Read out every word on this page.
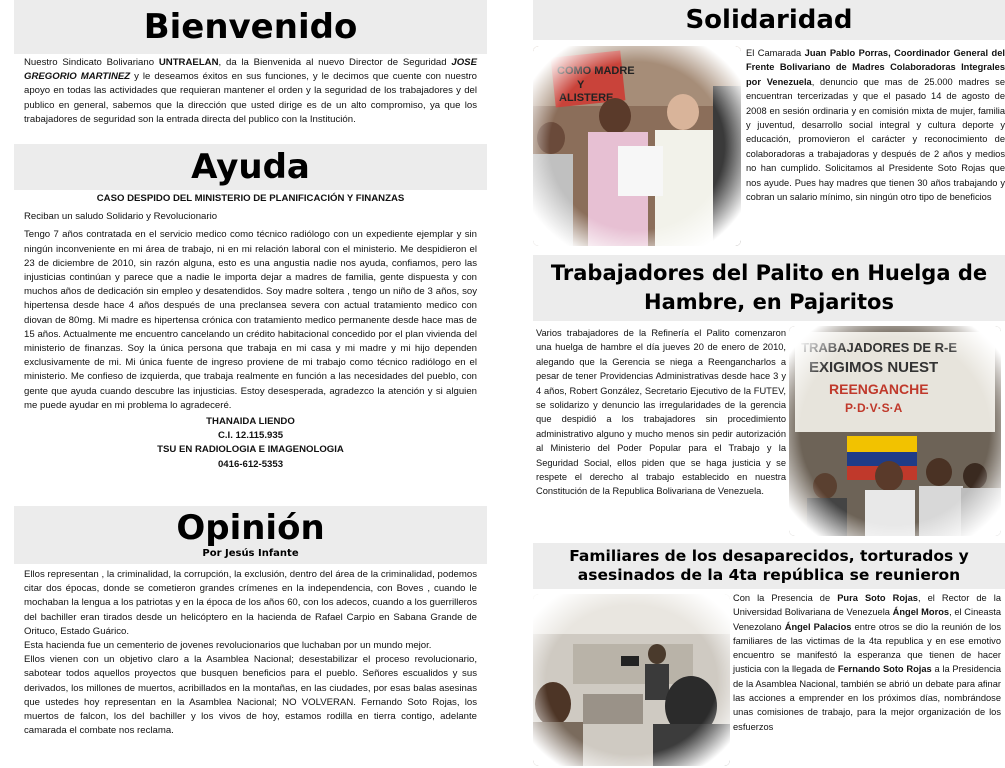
Bienvenido
Nuestro Sindicato Bolivariano UNTRAELAN, da la Bienvenida al nuevo Director de Seguridad JOSE GREGORIO MARTINEZ y le deseamos éxitos en sus funciones, y le decimos que cuente con nuestro apoyo en todas las actividades que requieran mantener el orden y la seguridad de los trabajadores y del publico en general, sabemos que la dirección que usted dirige es de un alto compromiso, ya que los trabajadores de seguridad son la entrada directa del publico con la Institución.
Ayuda

CASO DESPIDO DEL MINISTERIO DE PLANIFICACIÓN Y FINANZAS

Reciban un saludo Solidario y Revolucionario

Tengo 7 años contratada en el servicio medico como técnico radiólogo con un expediente ejemplar y sin ningún inconveniente en mi área de trabajo, ni en mi relación laboral con el ministerio. Me despidieron el 23 de diciembre de 2010, sin razón alguna, esto es una angustia nadie nos ayuda, confiamos, pero las injusticias continúan y parece que a nadie le importa dejar a madres de familia, gente dispuesta y con muchos años de dedicación sin empleo y desatendidos. Soy madre soltera , tengo un niño de 3 años, soy hipertensa desde hace 4 años después de una preclansea severa con actual tratamiento medico con diovan de 80mg. Mi madre es hipertensa crónica con tratamiento medico permanente desde hace mas de 15 años. Actualmente me encuentro cancelando un crédito habitacional concedido por el plan vivienda del ministerio de finanzas. Soy la única persona que trabaja en mi casa y mi madre y mi hijo dependen exclusivamente de mi. Mi única fuente de ingreso proviene de mi trabajo como técnico radiólogo en el ministerio. Me confieso de izquierda, que trabaja realmente en función a las necesidades del pueblo, con gente que ayuda cuando descubre las injusticias. Estoy desesperada, agradezco la atención y si alguien me puede ayudar en mi problema lo agradeceré.

THANAIDA LIENDO

C.I. 12.115.935

TSU EN RADIOLOGIA E IMAGENOLOGIA

0416-612-5353

Opinión
Por Jesús Infante

Ellos representan , la criminalidad, la corrupción, la exclusión, dentro del área de la criminalidad, podemos citar dos épocas, donde se cometieron grandes crímenes en la independencia, con Boves , cuando le mochaban la lengua a los patriotas y en la época de los años 60, con los adecos, cuando a los guerrilleros del bachiller eran tirados desde un helicóptero en la hacienda de Rafael Carpio en Sabana Grande de Orituco, Estado Guárico.

Esta hacienda fue un cementerio de jovenes revolucionarios que luchaban por un mundo mejor.

Ellos vienen con un objetivo claro a la Asamblea Nacional; desestabilizar el proceso revolucionario, sabotear todos aquellos proyectos que busquen beneficios para el pueblo. Señores escualidos y sus derivados, los millones de muertos, acribillados en la montañas, en las ciudades, por esas balas asesinas que ustedes hoy representan en la Asamblea Nacional; NO VOLVERAN. Fernando Soto Rojas, los muertos de falcon, los del bachiller y los vivos de hoy, estamos rodilla en tierra contigo, adelante camarada el combate nos reclama.

Solidaridad
El Camarada Juan Pablo Porras, Coordinador General del Frente Bolivariano de Madres Colaboradoras Integrales por Venezuela, denuncio que mas de 25.000 madres se encuentran tercerizadas y que el pasado 14 de agosto de 2008 en sesión ordinaria y en comisión mixta de mujer, familia y juventud, desarrollo social integral y cultura deporte y educación, promovieron el carácter y reconocimiento de colaboradoras a trabajadoras y después de 2 años y medios no han cumplido. Solicitamos al Presidente Soto Rojas que nos ayude. Pues hay madres que tienen 30 años trabajando y cobran un salario mínimo, sin ningún otro tipo de beneficios
Trabajadores del Palito en Huelga de Hambre, en Pajaritos
Varios trabajadores de la Refinería el Palito comenzaron una huelga de hambre el día jueves 20 de enero de 2010, alegando que la Gerencia se niega a Reengancharlos a pesar de tener Providencias Administrativas desde hace 3 y 4 años, Robert González, Secretario Ejecutivo de la FUTEV, se solidarizo y denuncio las irregularidades de la gerencia que despidió a los trabajadores sin procedimiento administrativo alguno y mucho menos sin pedir autorización al Ministerio del Poder Popular para el Trabajo y la Seguridad Social, ellos piden que se haga justicia y se respete el derecho al trabajo establecido en nuestra Constitución de la Republica Bolivariana de Venezuela.
Familiares de los desaparecidos, torturados y asesinados de la 4ta república se reunieron
Con la Presencia de Pura Soto Rojas, el Rector de la Universidad Bolivariana de Venezuela Ángel Moros, el Cineasta Venezolano Ángel Palacios entre otros se dio la reunión de los familiares de las victimas de la 4ta republica y en ese emotivo encuentro se manifestó la esperanza que tienen de hacer justicia con la llegada de Fernando Soto Rojas a la Presidencia de la Asamblea Nacional, también se abrió un debate para afinar las acciones a emprender en los próximos días, nombrándose unas comisiones de trabajo, para la mejor organización de los esfuerzos
